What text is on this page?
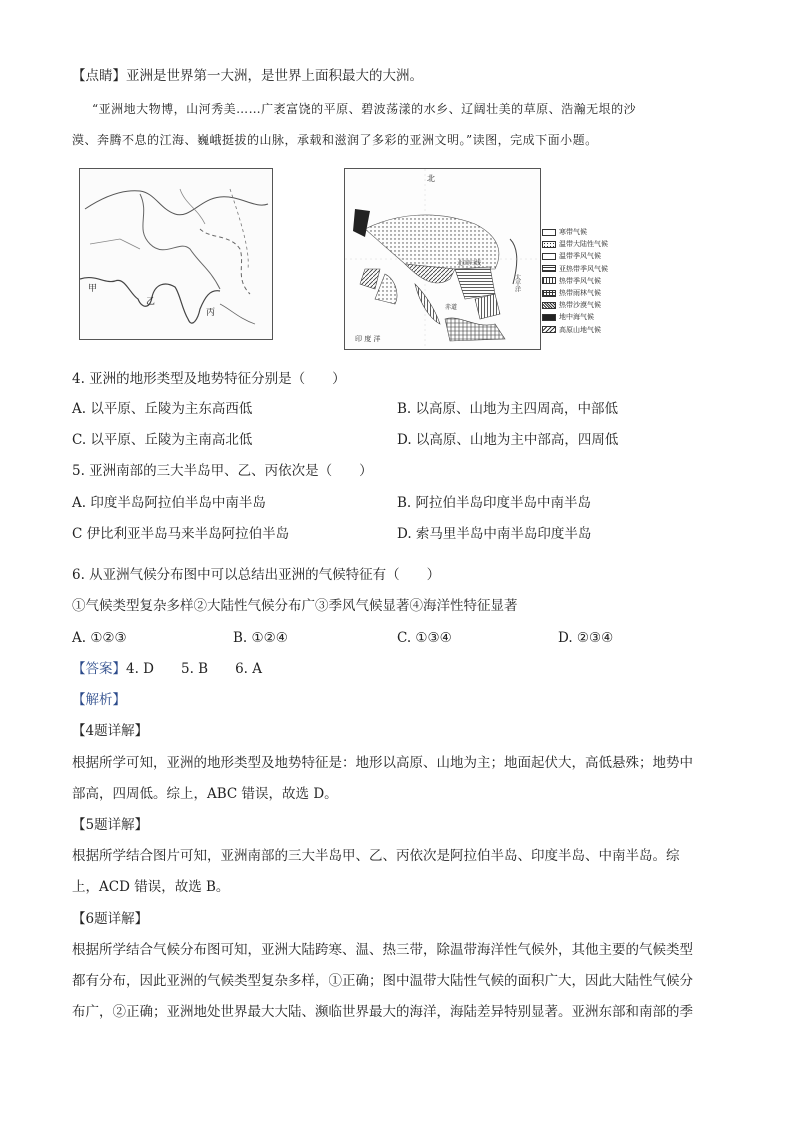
【点睛】亚洲是世界第一大洲，是世界上面积最大的大洲。
“亚洲地大物博，山河秀美……广袤富饶的平原、碧波荡漾的水乡、辽阔壮美的草原、浩瀚无垠的沙
漠、奔腾不息的江海、巍峨挺拔的山脉，承载和滋润了多彩的亚洲文明。”读图，完成下面小题。
甲
乙
丙
北
北回归线
赤道
印 度 洋
太平洋
寒带气候
温带大陆性气候
温带季风气候
亚热带季风气候
热带季风气候
热带雨林气候
热带沙漠气候
地中海气候
高原山地气候
4. 亚洲的地形类型及地势特征分别是（　　）
A. 以平原、丘陵为主东高西低	B. 以高原、山地为主四周高，中部低
C. 以平原、丘陵为主南高北低	D. 以高原、山地为主中部高，四周低
5. 亚洲南部的三大半岛甲、乙、丙依次是（　　）
A. 印度半岛阿拉伯半岛中南半岛	B. 阿拉伯半岛印度半岛中南半岛
C 伊比利亚半岛马来半岛阿拉伯半岛	D. 索马里半岛中南半岛印度半岛
6. 从亚洲气候分布图中可以总结出亚洲的气候特征有（　　）
①气候类型复杂多样②大陆性气候分布广③季风气候显著④海洋性特征显著
A. ①②③	B. ①②④	C. ①③④	D. ②③④
【答案】4. D　　5. B　　6. A
【解析】
【4题详解】
根据所学可知，亚洲的地形类型及地势特征是：地形以高原、山地为主；地面起伏大，高低悬殊；地势中
部高，四周低。综上，ABC 错误，故选 D。
【5题详解】
根据所学结合图片可知，亚洲南部的三大半岛甲、乙、丙依次是阿拉伯半岛、印度半岛、中南半岛。综
上，ACD 错误，故选 B。
【6题详解】
根据所学结合气候分布图可知，亚洲大陆跨寒、温、热三带，除温带海洋性气候外，其他主要的气候类型
都有分布，因此亚洲的气候类型复杂多样，①正确；图中温带大陆性气候的面积广大，因此大陆性气候分
布广，②正确；亚洲地处世界最大大陆、濒临世界最大的海洋，海陆差异特别显著。亚洲东部和南部的季
